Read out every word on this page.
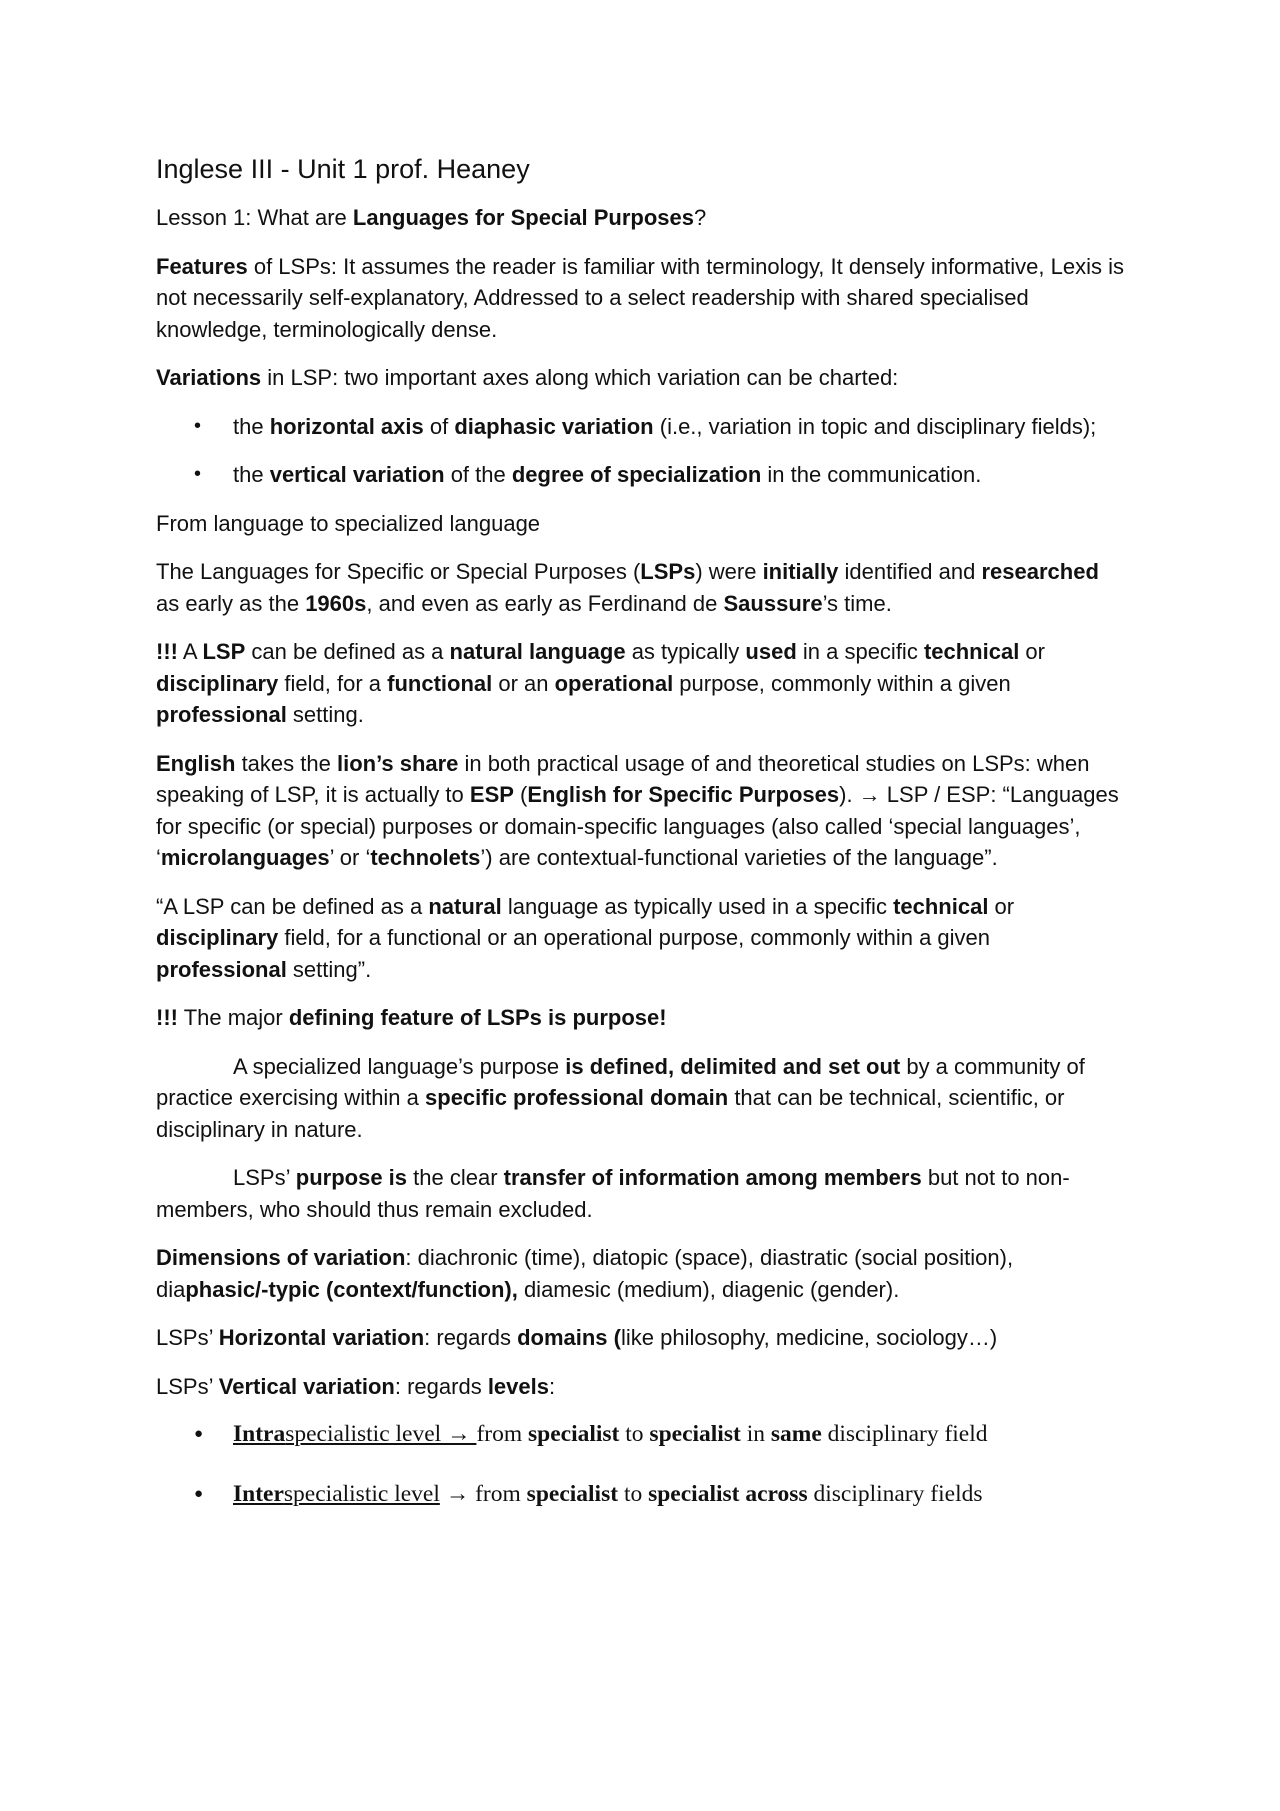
Inglese III - Unit 1 prof. Heaney

Lesson 1: What are Languages for Special Purposes?

Features of LSPs: It assumes the reader is familiar with terminology, It densely informative, Lexis is not necessarily self-explanatory, Addressed to a select readership with shared specialised knowledge, terminologically dense.

Variations in LSP: two important axes along which variation can be charted:

• the horizontal axis of diaphasic variation (i.e., variation in topic and disciplinary fields);
• the vertical variation of the degree of specialization in the communication.

From language to specialized language

The Languages for Specific or Special Purposes (LSPs) were initially identified and researched as early as the 1960s, and even as early as Ferdinand de Saussure’s time.

!!! A LSP can be defined as a natural language as typically used in a specific technical or disciplinary field, for a functional or an operational purpose, commonly within a given professional setting.

English takes the lion’s share in both practical usage of and theoretical studies on LSPs: when speaking of LSP, it is actually to ESP (English for Specific Purposes). → LSP / ESP: “Languages for specific (or special) purposes or domain-specific languages (also called ‘special languages’, ‘microlanguages’ or ‘technolets’) are contextual-functional varieties of the language”.

“A LSP can be defined as a natural language as typically used in a specific technical or disciplinary field, for a functional or an operational purpose, commonly within a given professional setting”.

!!! The major defining feature of LSPs is purpose!

A specialized language’s purpose is defined, delimited and set out by a community of practice exercising within a specific professional domain that can be technical, scientific, or disciplinary in nature.

LSPs’ purpose is the clear transfer of information among members but not to non-members, who should thus remain excluded.

Dimensions of variation: diachronic (time), diatopic (space), diastratic (social position), diaphasic/-typic (context/function), diamesic (medium), diagenic (gender).

LSPs’ Horizontal variation: regards domains (like philosophy, medicine, sociology…)

LSPs’ Vertical variation: regards levels:

● Intraspecialistic level → from specialist to specialist in same disciplinary field
● Interspecialistic level → from specialist to specialist across disciplinary fields
